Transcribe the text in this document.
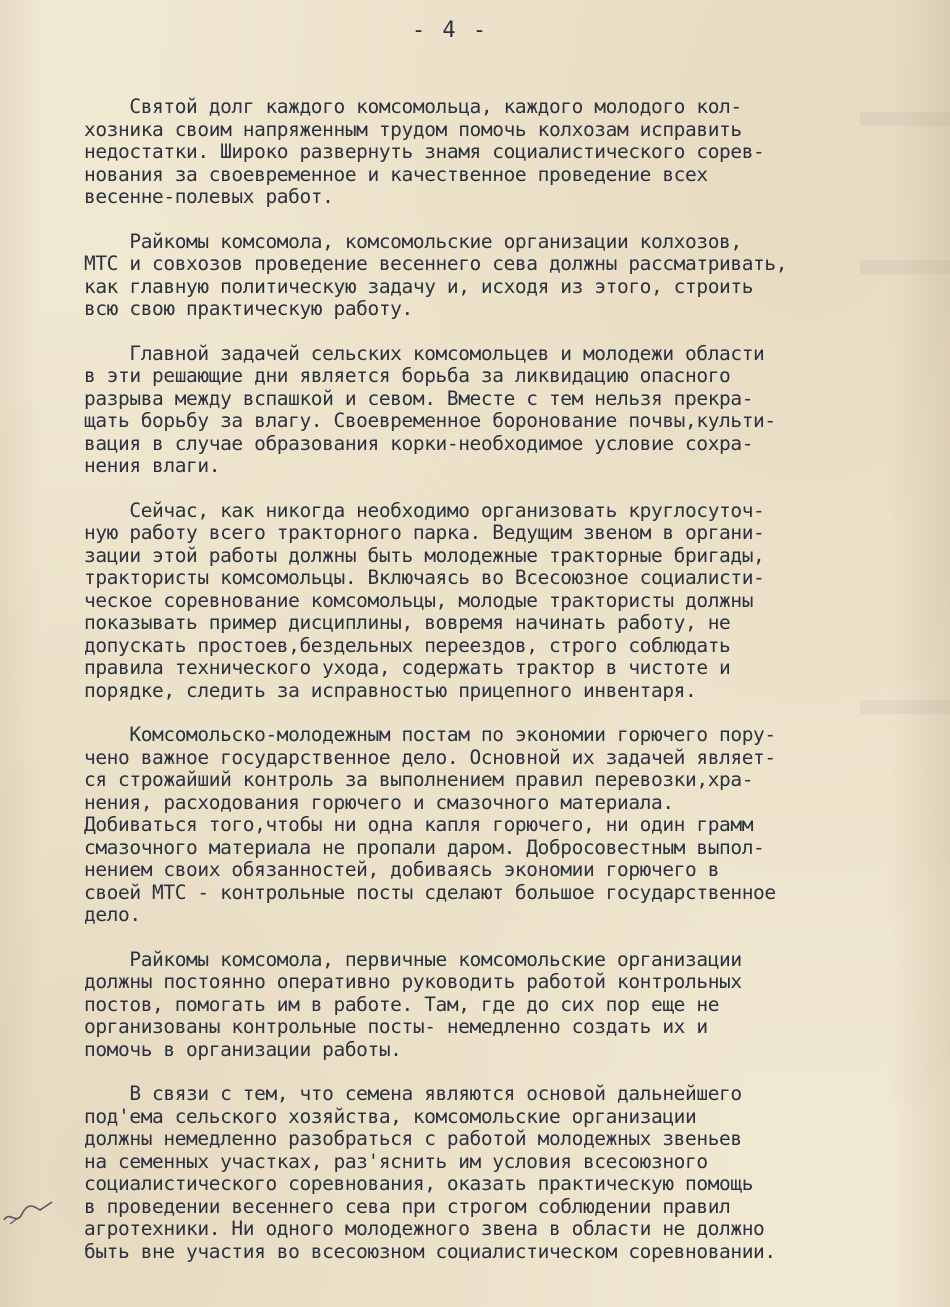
- 4 -
Святой долг каждого комсомольца, каждого молодого кол-
хозника своим напряженным трудом помочь колхозам исправить
недостатки. Широко развернуть знамя социалистического сорев-
нования за своевременное и качественное проведение всех
весенне-полевых работ.
Райкомы комсомола, комсомольские организации колхозов,
МТС и совхозов проведение весеннего сева должны рассматривать,
как главную политическую задачу и, исходя из этого, строить
всю свою практическую работу.
Главной задачей сельских комсомольцев и молодежи области
в эти решающие дни является борьба за ликвидацию опасного
разрыва между вспашкой и севом. Вместе с тем нельзя прекра-
щать борьбу за влагу. Своевременное боронование почвы,культи-
вация в случае образования корки-необходимое условие сохра-
нения влаги.
Сейчас, как никогда необходимо организовать круглосуточ-
ную работу всего тракторного парка. Ведущим звеном в органи-
зации этой работы должны быть молодежные тракторные бригады,
трактористы комсомольцы. Включаясь во Всесоюзное социалисти-
ческое соревнование комсомольцы, молодые трактористы должны
показывать пример дисциплины, вовремя начинать работу, не
допускать простоев,бездельных переездов, строго соблюдать
правила технического ухода, содержать трактор в чистоте и
порядке, следить за исправностью прицепного инвентаря.
Комсомольско-молодежным постам по экономии горючего пору-
чено важное государственное дело. Основной их задачей являет-
ся строжайший контроль за выполнением правил перевозки,хра-
нения, расходования горючего и смазочного материала.
Добиваться того,чтобы ни одна капля горючего, ни один грамм
смазочного материала не пропали даром. Добросовестным выпол-
нением своих обязанностей, добиваясь экономии горючего в
своей МТС - контрольные посты сделают большое государственное
дело.
Райкомы комсомола, первичные комсомольские организации
должны постоянно оперативно руководить работой контрольных
постов, помогать им в работе. Там, где до сих пор еще не
организованы контрольные посты- немедленно создать их и
помочь в организации работы.
В связи с тем, что семена являются основой дальнейшего
под'ема сельского хозяйства, комсомольские организации
должны немедленно разобраться с работой молодежных звеньев
на семенных участках, раз'яснить им условия всесоюзного
социалистического соревнования, оказать практическую помощь
в проведении весеннего сева при строгом соблюдении правил
агротехники. Ни одного молодежного звена в области не должно
быть вне участия во всесоюзном социалистическом соревновании.
